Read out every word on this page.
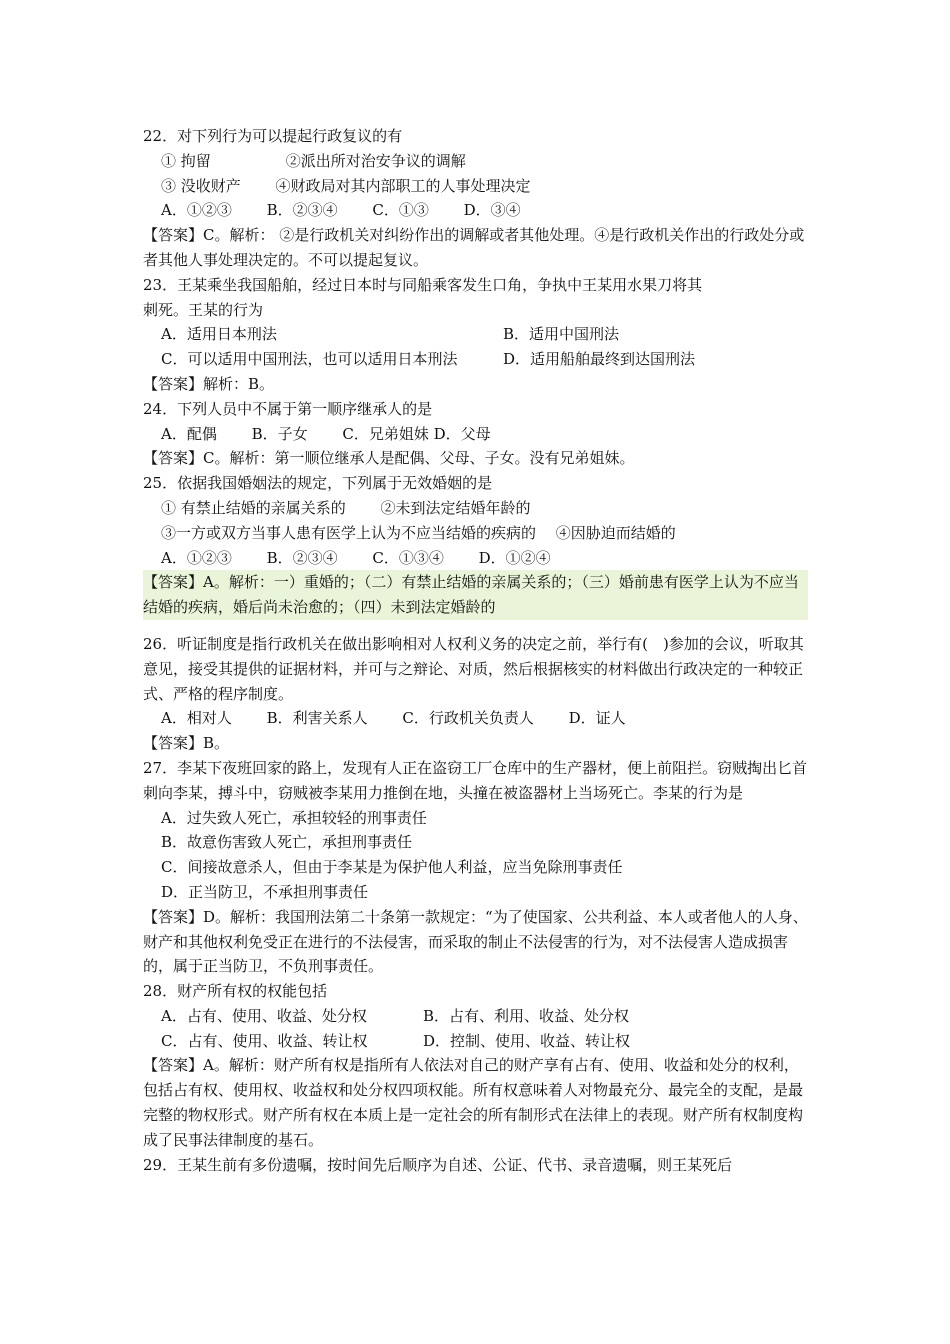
22．对下列行为可以提起行政复议的有
① 拘留　　　　　②派出所对治安争议的调解
③ 没收财产　　 ④财政局对其内部职工的人事处理决定
A．①②③　　 B．②③④　　 C．①③　　 D．③④
【答案】C。解析： ②是行政机关对纠纷作出的调解或者其他处理。④是行政机关作出的行政处分或者其他人事处理决定的。不可以提起复议。
23．王某乘坐我国船舶，经过日本时与同船乘客发生口角，争执中王某用水果刀将其
刺死。王某的行为
A．适用日本刑法	B．适用中国刑法
C．可以适用中国刑法，也可以适用日本刑法	D．适用船舶最终到达国刑法
【答案】解析：B。
24．下列人员中不属于第一顺序继承人的是
A．配偶　　 B．子女　　 C．兄弟姐妹 D．父母
【答案】C。解析：第一顺位继承人是配偶、父母、子女。没有兄弟姐妹。
25．依据我国婚姻法的规定，下列属于无效婚姻的是
① 有禁止结婚的亲属关系的　　 ②未到法定结婚年龄的
③一方或双方当事人患有医学上认为不应当结婚的疾病的　 ④因胁迫而结婚的
A．①②③　　 B．②③④　　 C．①③④　　 D．①②④
【答案】A。解析：一）重婚的；（二）有禁止结婚的亲属关系的；（三）婚前患有医学上认为不应当结婚的疾病，婚后尚未治愈的；（四）未到法定婚龄的
26．听证制度是指行政机关在做出影响相对人权利义务的决定之前，举行有(　)参加的会议，听取其意见，接受其提供的证据材料，并可与之辩论、对质，然后根据核实的材料做出行政决定的一种较正式、严格的程序制度。
A．相对人　　 B．利害关系人　　 C．行政机关负责人　　 D．证人
【答案】B。
27．李某下夜班回家的路上，发现有人正在盗窃工厂仓库中的生产器材，便上前阻拦。窃贼掏出匕首刺向李某，搏斗中，窃贼被李某用力推倒在地，头撞在被盗器材上当场死亡。李某的行为是
A．过失致人死亡，承担较轻的刑事责任
B．故意伤害致人死亡，承担刑事责任
C．间接故意杀人，但由于李某是为保护他人利益，应当免除刑事责任
D．正当防卫，不承担刑事责任
【答案】D。解析：我国刑法第二十条第一款规定：“为了使国家、公共利益、本人或者他人的人身、财产和其他权利免受正在进行的不法侵害，而采取的制止不法侵害的行为，对不法侵害人造成损害的，属于正当防卫，不负刑事责任。
28．财产所有权的权能包括
A．占有、使用、收益、处分权	B．占有、利用、收益、处分权
C．占有、使用、收益、转让权	D．控制、使用、收益、转让权
【答案】A。解析：财产所有权是指所有人依法对自己的财产享有占有、使用、收益和处分的权利，包括占有权、使用权、收益权和处分权四项权能。所有权意味着人对物最充分、最完全的支配，是最完整的物权形式。财产所有权在本质上是一定社会的所有制形式在法律上的表现。财产所有权制度构成了民事法律制度的基石。
29．王某生前有多份遗嘱，按时间先后顺序为自述、公证、代书、录音遗嘱，则王某死后
